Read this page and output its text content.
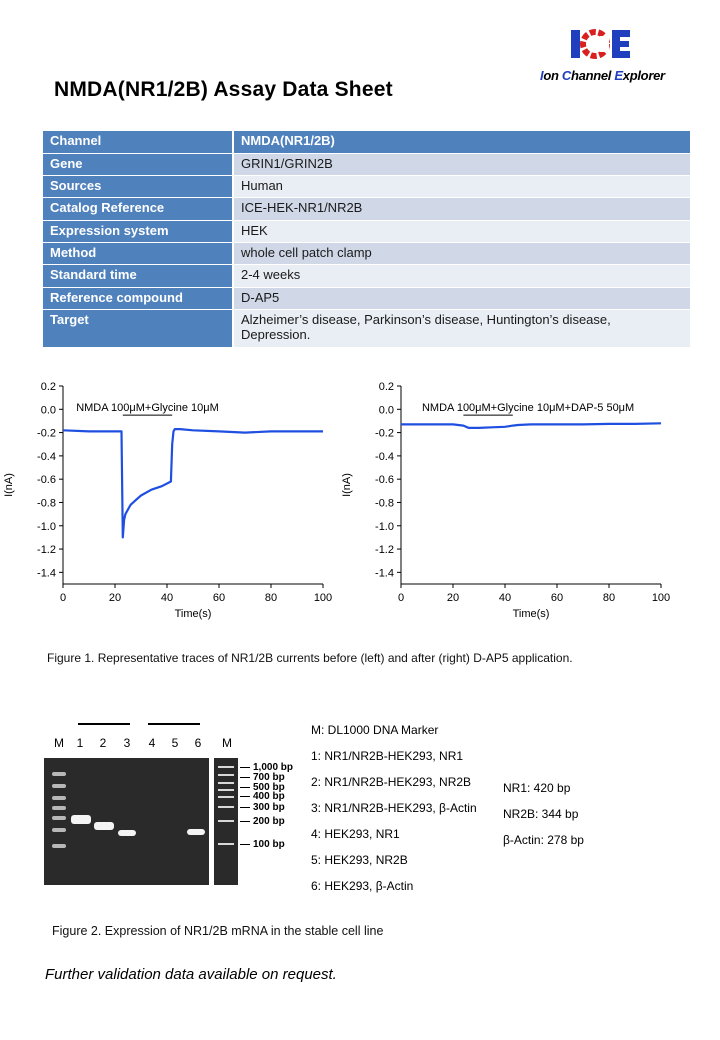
Ion Channel Explorer
NMDA(NR1/2B) Assay Data Sheet
Channel	NMDA(NR1/2B)
Gene	GRIN1/GRIN2B
Sources	Human
Catalog Reference	ICE-HEK-NR1/NR2B
Expression system	HEK
Method	whole cell patch clamp
Standard time	2-4 weeks
Reference compound	D-AP5
Target	Alzheimer’s disease, Parkinson’s disease, Huntington’s disease, Depression.
0.2
0.0
-0.2
-0.4
-0.6
-0.8
-1.0
-1.2
-1.4
0	20	40	60	80	100
Time(s)
I(nA)
NMDA 100μM+Glycine 10μM
0.2
0.0
-0.2
-0.4
-0.6
-0.8
-1.0
-1.2
-1.4
0	20	40	60	80	100
Time(s)
I(nA)
NMDA 100μM+Glycine 10μM+DAP-5 50μM
Figure 1. Representative traces of NR1/2B currents before (left) and after (right) D-AP5 application.
M	1	2	3	4	5	6	M
1,000 bp
700 bp
500 bp
400 bp
300 bp
200 bp
100 bp
M: DL1000 DNA Marker
1: NR1/NR2B-HEK293, NR1
2: NR1/NR2B-HEK293, NR2B
3: NR1/NR2B-HEK293, β-Actin
4: HEK293, NR1
5: HEK293, NR2B
6: HEK293, β-Actin
NR1: 420 bp
NR2B: 344 bp
β-Actin: 278 bp
Figure 2. Expression of NR1/2B mRNA in the stable cell line
Further validation data available on request.
